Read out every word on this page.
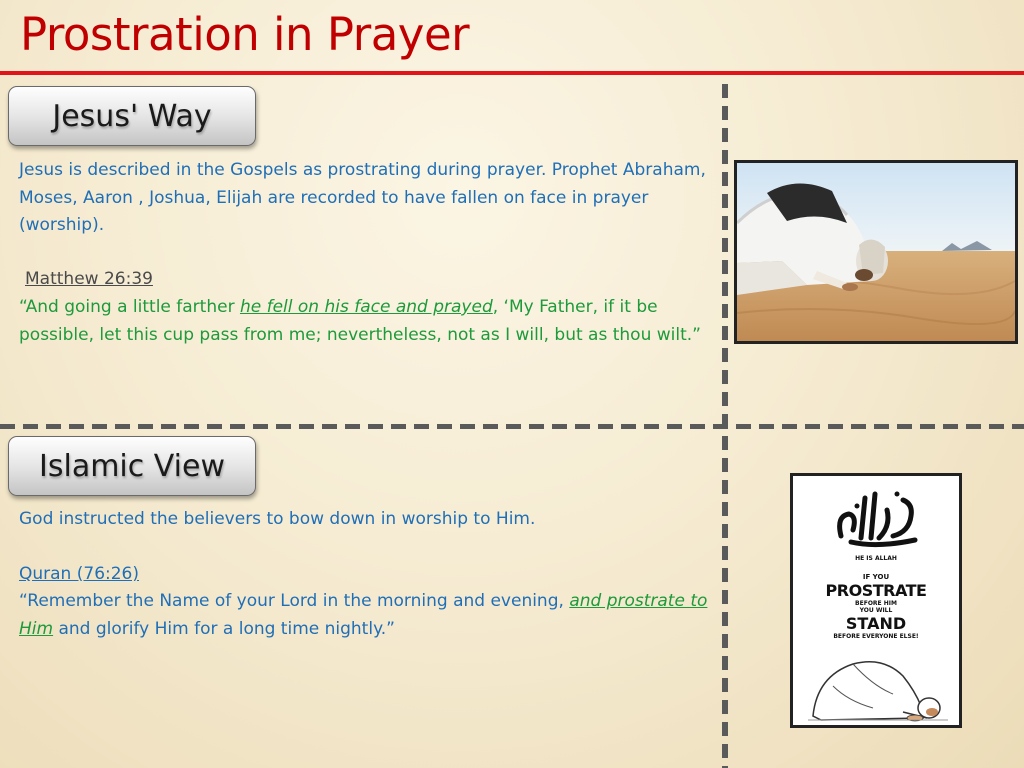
Prostration in Prayer
Jesus' Way
Jesus is described in the Gospels as prostrating during prayer. Prophet Abraham, Moses, Aaron , Joshua, Elijah are recorded to have fallen on face in prayer (worship).
Matthew 26:39
“And going a little farther he fell on his face and prayed, ‘My Father, if it be possible, let this cup pass from me; nevertheless, not as I will, but as thou wilt.”
Islamic View
God instructed the believers to bow down in worship to Him.
Quran (76:26)
“Remember the Name of your Lord in the morning and evening, and prostrate to Him and glorify Him for a long time nightly.”
HE IS ALLAH
IF YOU
PROSTRATE
BEFORE HIM
YOU WILL
STAND
BEFORE EVERYONE ELSE!
